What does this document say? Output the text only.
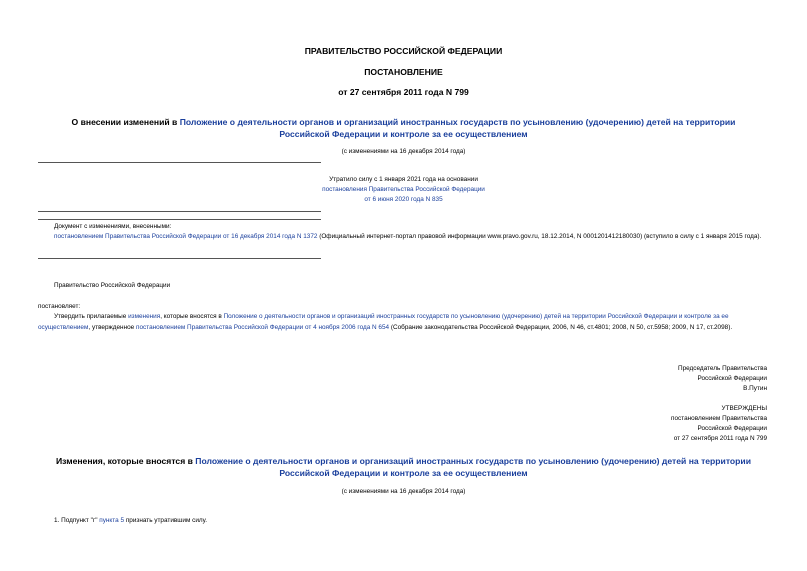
ПРАВИТЕЛЬСТВО РОССИЙСКОЙ ФЕДЕРАЦИИ
ПОСТАНОВЛЕНИЕ
от 27 сентября 2011 года N 799
О внесении изменений в Положение о деятельности органов и организаций иностранных государств по усыновлению (удочерению) детей на территории Российской Федерации и контроле за ее осуществлением
(с изменениями на 16 декабря 2014 года)
Утратило силу с 1 января 2021 года на основании
постановления Правительства Российской Федерации
от 6 июня 2020 года N 835
Документ с изменениями, внесенными:
постановлением Правительства Российской Федерации от 16 декабря 2014 года N 1372 (Официальный интернет-портал правовой информации www.pravo.gov.ru, 18.12.2014, N 0001201412180030) (вступило в силу с 1 января 2015 года).
Правительство Российской Федерации
постановляет:
Утвердить прилагаемые изменения, которые вносятся в Положение о деятельности органов и организаций иностранных государств по усыновлению (удочерению) детей на территории Российской Федерации и контроле за ее осуществлением, утвержденное постановлением Правительства Российской Федерации от 4 ноября 2006 года N 654 (Собрание законодательства Российской Федерации, 2006, N 46, ст.4801; 2008, N 50, ст.5958; 2009, N 17, ст.2098).
Председатель Правительства
Российской Федерации
В.Путин
УТВЕРЖДЕНЫ
постановлением Правительства
Российской Федерации
от 27 сентября 2011 года N 799
Изменения, которые вносятся в Положение о деятельности органов и организаций иностранных государств по усыновлению (удочерению) детей на территории Российской Федерации и контроле за ее осуществлением
(с изменениями на 16 декабря 2014 года)
1. Подпункт "г" пункта 5 признать утратившим силу.
